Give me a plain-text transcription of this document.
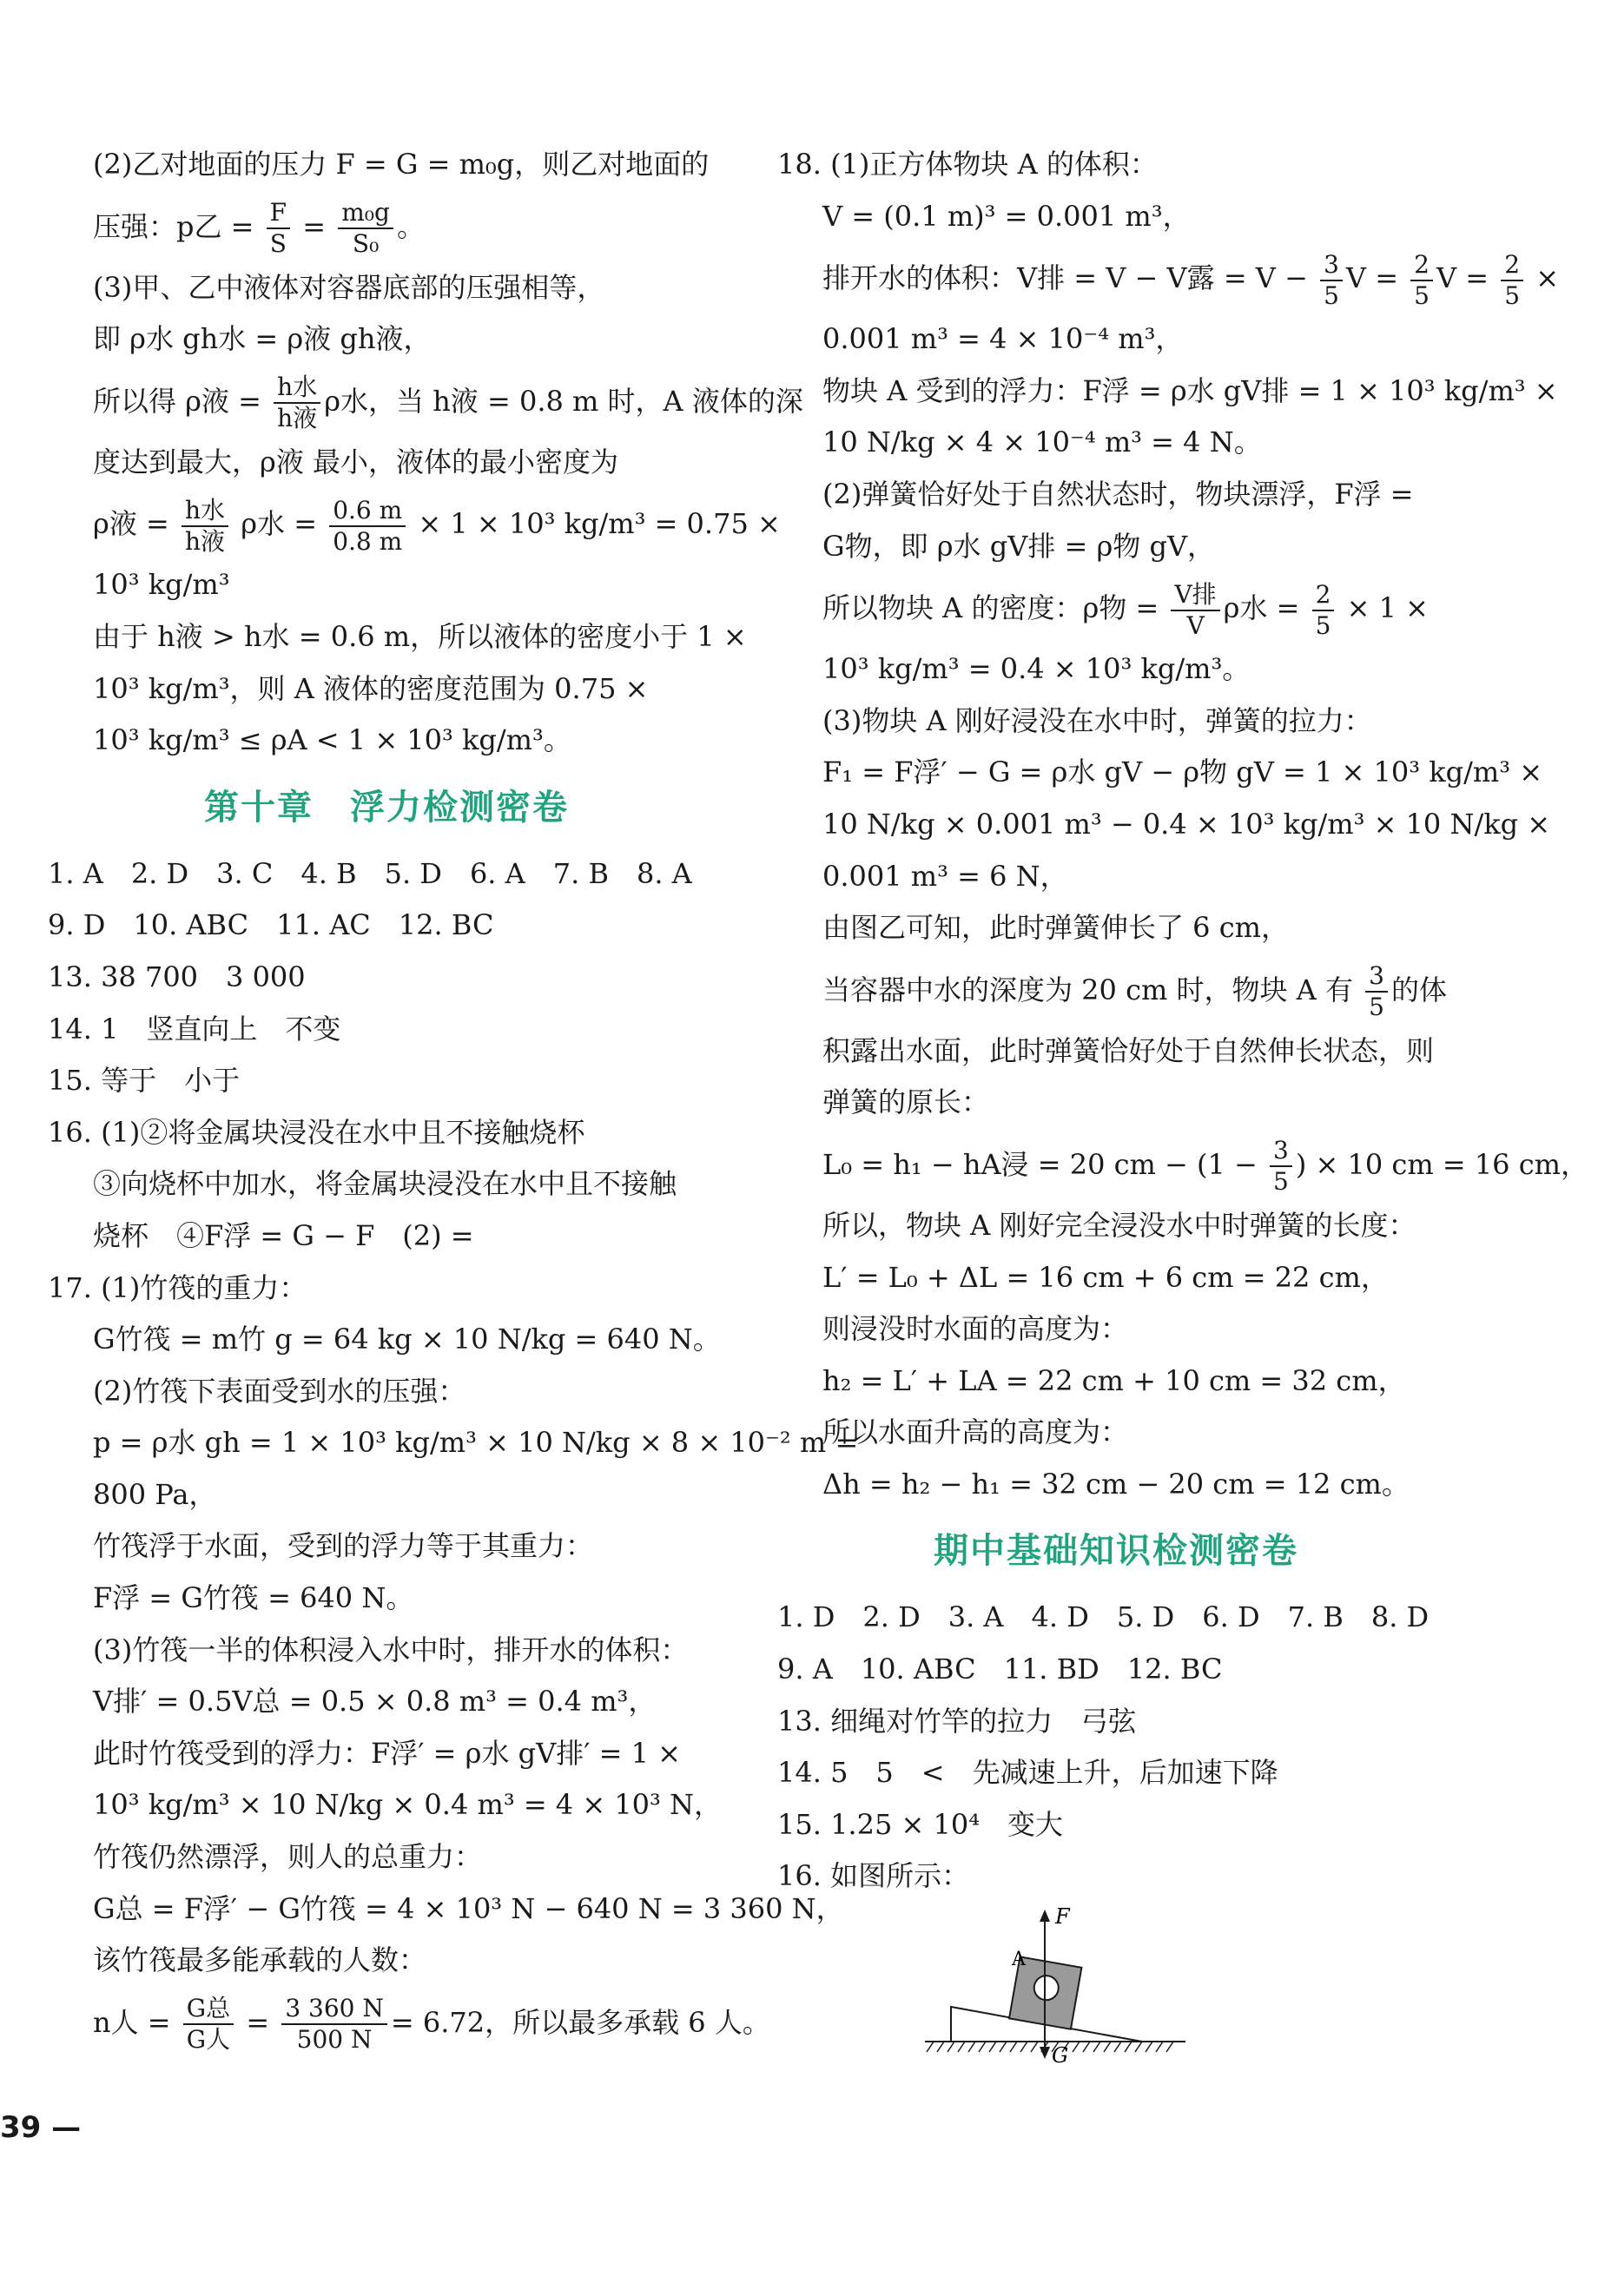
(2)乙对地面的压力 F = G = m₀g，则乙对地面的
压强：p乙 = $\frac{F}{S} = \frac{\text{m₀g}}{\text{S₀}}$ 。
(3)甲、乙中液体对容器底部的压强相等，
即 ρ水 gh水 = ρ液 gh液，
所以得 ρ液 = $\frac{\text{h水}}{\text{h液}}$ ρ水，当 h液 = 0.8 m 时，A 液体的深
度达到最大，ρ液 最小，液体的最小密度为
ρ液 = $\frac{\text{h水}}{\text{h液}}$ ρ水 = $\frac{0.6 m}{0.8 m} \times 1 \times 10^3$ kg/m³ = 0.75 ×
10³ kg/m³
由于 h液 > h水 = 0.6 m，所以液体的密度小于 1 ×
10³ kg/m³，则 A 液体的密度范围为 0.75 ×
10³ kg/m³ ≤ ρA < 1 × 10³ kg/m³。
第十章　浮力检测密卷
1. A　2. D　3. C　4. B　5. D　6. A　7. B　8. A
9. D　10. ABC　11. AC　12. BC
13. 38 700　3 000
14. 1　竖直向上　不变
15. 等于　小于
16. (1)②将金属块浸没在水中且不接触烧杯
③向烧杯中加水，将金属块浸没在水中且不接触
烧杯　④F浮 = G − F　(2) =
17. (1)竹筏的重力：
G竹筏 = m竹 g = 64 kg × 10 N/kg = 640 N。
(2)竹筏下表面受到水的压强：
p = ρ水 gh = 1 × 10³ kg/m³ × 10 N/kg × 8 × 10⁻² m =
800 Pa，
竹筏浮于水面，受到的浮力等于其重力：
F浮 = G竹筏 = 640 N。
(3)竹筏一半的体积浸入水中时，排开水的体积：
V排′ = 0.5V总 = 0.5 × 0.8 m³ = 0.4 m³，
此时竹筏受到的浮力：F浮′ = ρ水 gV排′ = 1 ×
10³ kg/m³ × 10 N/kg × 0.4 m³ = 4 × 10³ N，
竹筏仍然漂浮，则人的总重力：
G总 = F浮′ − G竹筏 = 4 × 10³ N − 640 N = 3 360 N，
该竹筏最多能承载的人数：
n人 = $\frac{\text{G总}}{\text{G人}} = \frac{3 360 N}{500 N} = 6.72$，所以最多承载 6 人。
18. (1)正方体物块 A 的体积：
V = (0.1 m)³ = 0.001 m³，
排开水的体积：V排 = V − V露 = $V - \frac{3}{5}$ $V = \frac{2}{5}$ $V = \frac{2}{5}$ ×
0.001 m³ = 4 × 10⁻⁴ m³，
物块 A 受到的浮力：F浮 = ρ水 gV排 = 1 × 10³ kg/m³ ×
10 N/kg × 4 × 10⁻⁴ m³ = 4 N。
(2)弹簧恰好处于自然状态时，物块漂浮，F浮 =
G物，即 ρ水 gV排 = ρ物 gV，
所以物块 A 的密度：ρ物 = $\frac{\text{V排}}{V}$ ρ水 = $\frac{2}{5} \times 1$ ×
10³ kg/m³ = 0.4 × 10³ kg/m³。
(3)物块 A 刚好浸没在水中时，弹簧的拉力：
F₁ = F浮′ − G = ρ水 gV − ρ物 gV = 1 × 10³ kg/m³ ×
10 N/kg × 0.001 m³ − 0.4 × 10³ kg/m³ × 10 N/kg ×
0.001 m³ = 6 N，
由图乙可知，此时弹簧伸长了 6 cm，
当容器中水的深度为 20 cm 时，物块 A 有 $\frac{3}{5}$ 的体
积露出水面，此时弹簧恰好处于自然伸长状态，则
弹簧的原长：
L₀ = h₁ − hA浸 = 20 cm − ($1 - \frac{3}{5}$ ) × 10 cm = 16 cm，
所以，物块 A 刚好完全浸没水中时弹簧的长度：
L′ = L₀ + ΔL = 16 cm + 6 cm = 22 cm，
则浸没时水面的高度为：
h₂ = L′ + LA = 22 cm + 10 cm = 32 cm，
所以水面升高的高度为：
Δh = h₂ − h₁ = 32 cm − 20 cm = 12 cm。
期中基础知识检测密卷
1. D　2. D　3. A　4. D　5. D　6. D　7. B　8. D
9. A　10. ABC　11. BD　12. BC
13. 细绳对竹竿的拉力　弓弦
14. 5　5　<　先减速上升，后加速下降
15. 1.25 × 10⁴　变大
16. 如图所示：
F
A
G
39 —
